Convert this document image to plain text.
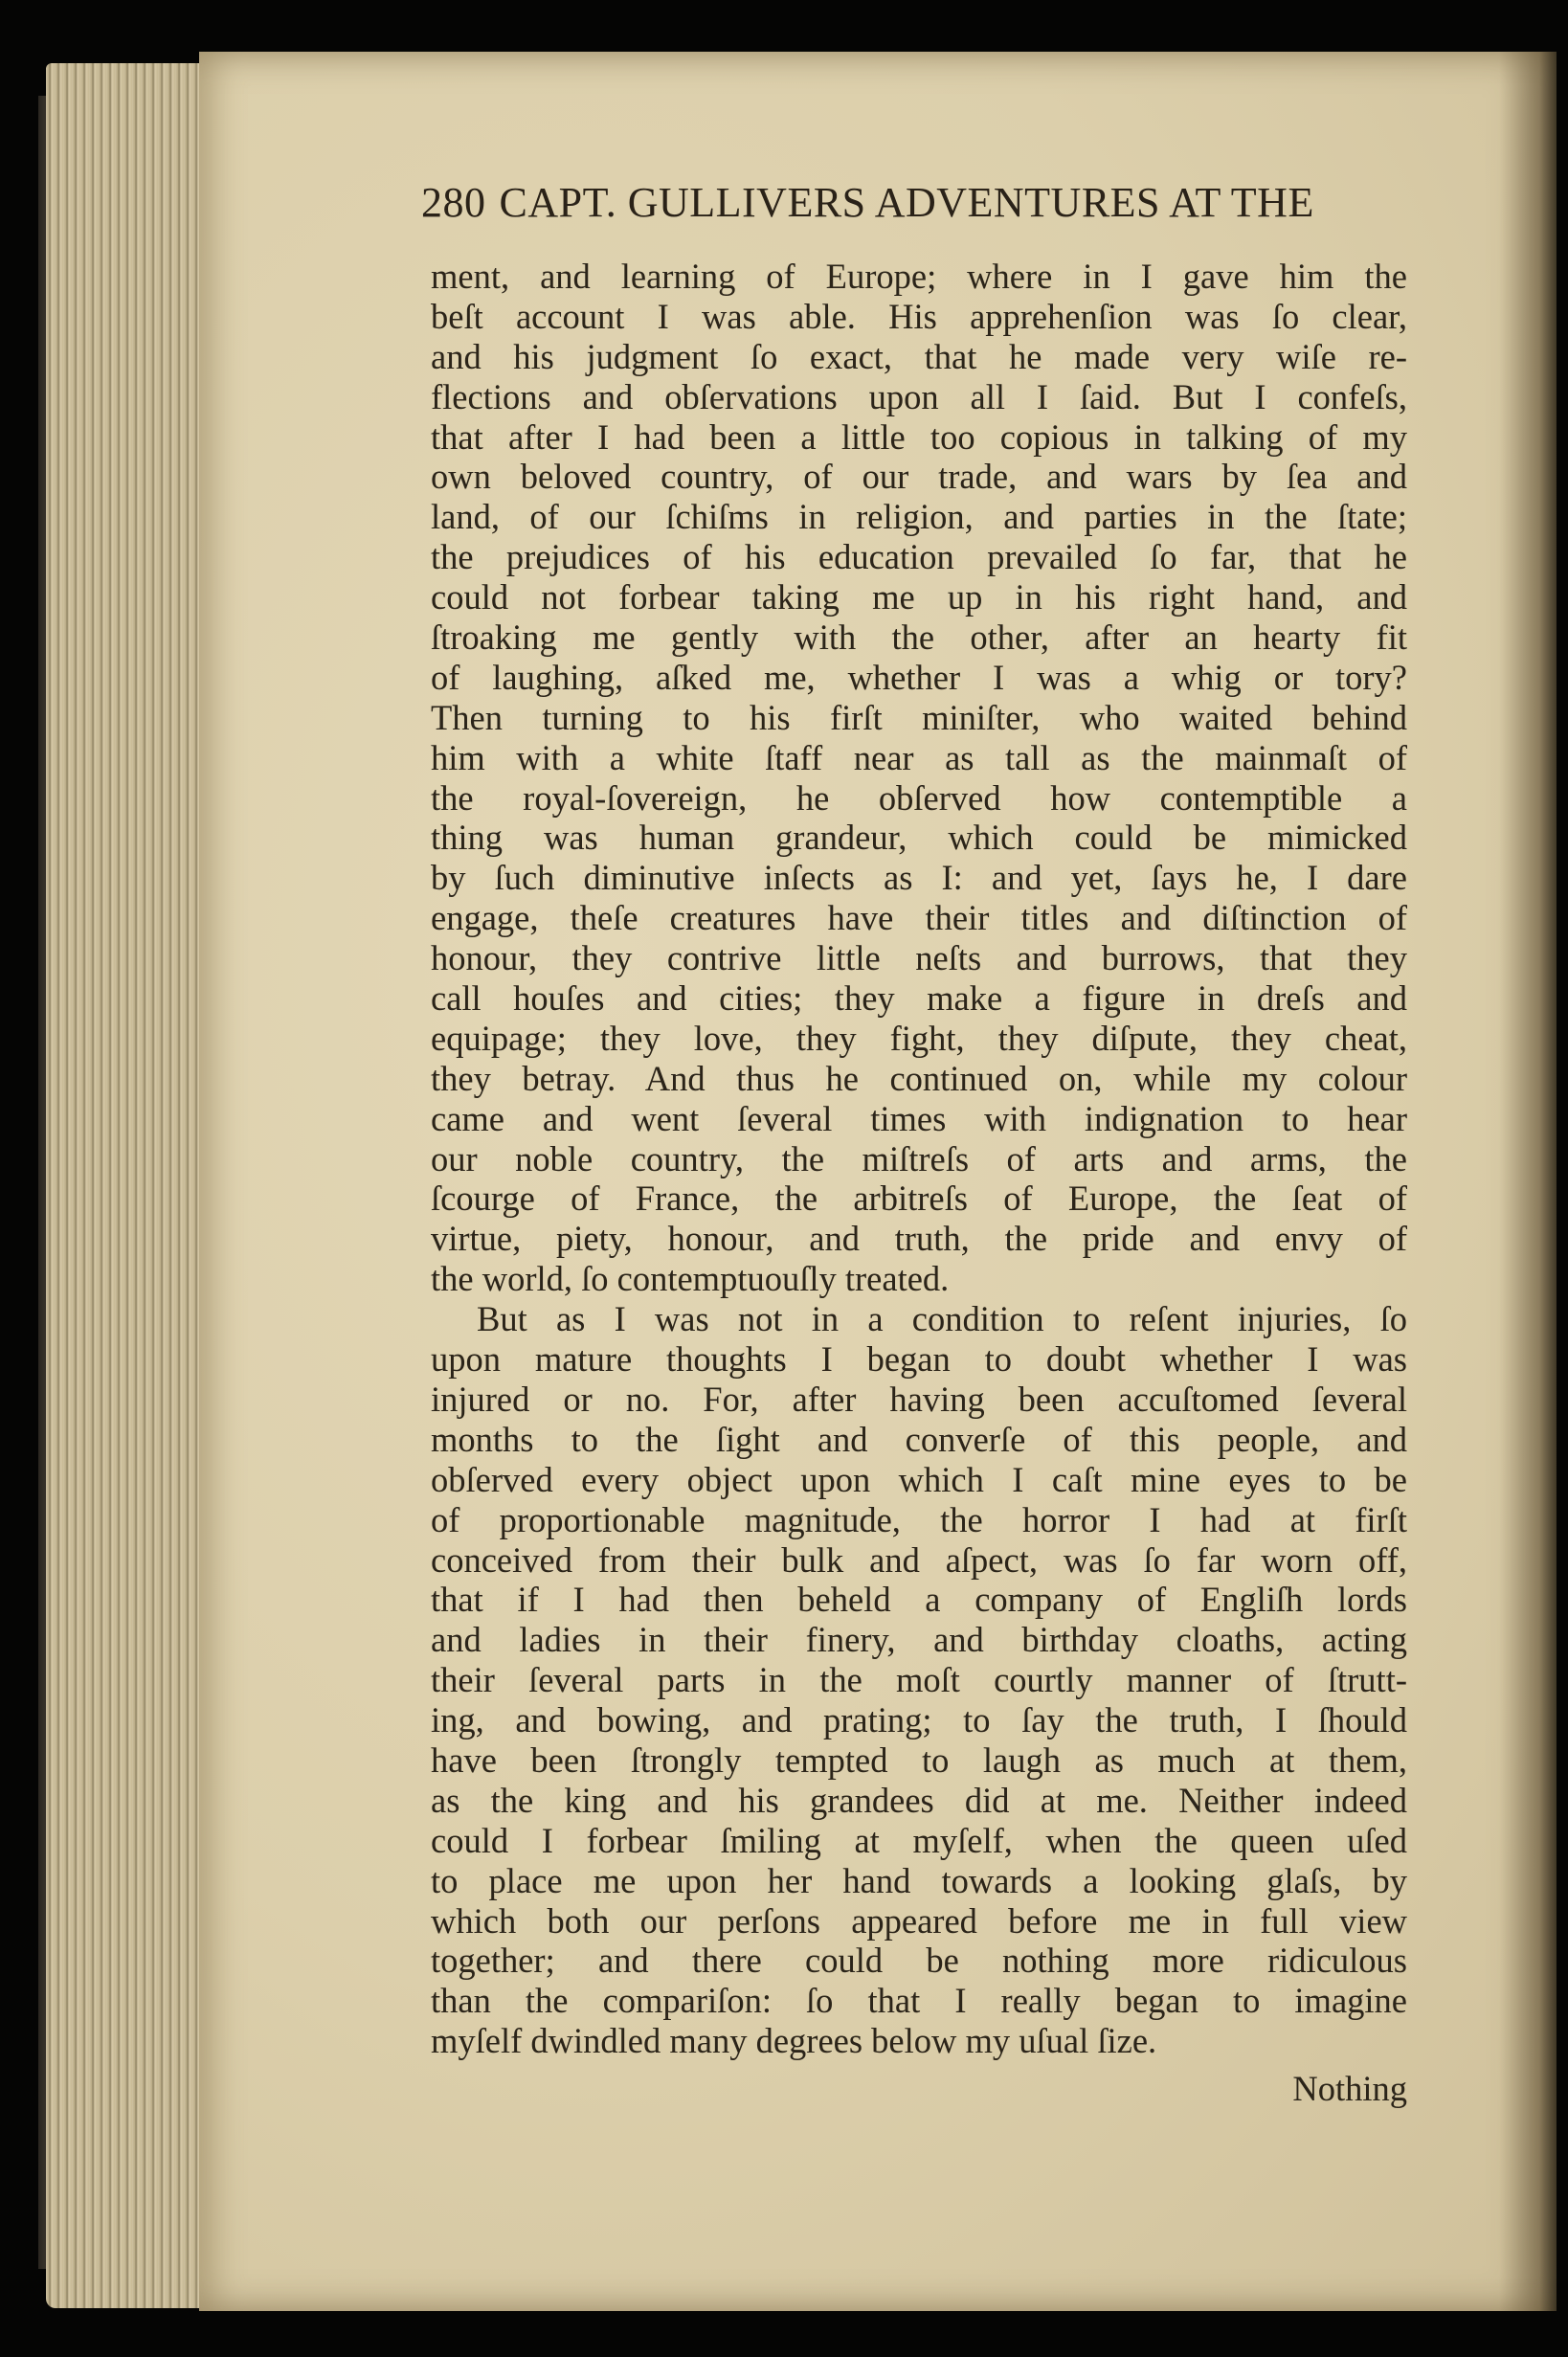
280 CAPT. GULLIVERS ADVENTURES AT THE
ment, and learning of Europe; where in I gave him the
beſt account I was able. His apprehenſion was ſo clear,
and his judgment ſo exact, that he made very wiſe re-
flections and obſervations upon all I ſaid. But I confeſs,
that after I had been a little too copious in talking of my
own beloved country, of our trade, and wars by ſea and
land, of our ſchiſms in religion, and parties in the ſtate;
the prejudices of his education prevailed ſo far, that he
could not forbear taking me up in his right hand, and
ſtroaking me gently with the other, after an hearty fit
of laughing, aſked me, whether I was a whig or tory?
Then turning to his firſt miniſter, who waited behind
him with a white ſtaff near as tall as the mainmaſt of
the royal-ſovereign, he obſerved how contemptible a
thing was human grandeur, which could be mimicked
by ſuch diminutive inſects as I: and yet, ſays he, I dare
engage, theſe creatures have their titles and diſtinction of
honour, they contrive little neſts and burrows, that they
call houſes and cities; they make a figure in dreſs and
equipage; they love, they fight, they diſpute, they cheat,
they betray. And thus he continued on, while my colour
came and went ſeveral times with indignation to hear
our noble country, the miſtreſs of arts and arms, the
ſcourge of France, the arbitreſs of Europe, the ſeat of
virtue, piety, honour, and truth, the pride and envy of
the world, ſo contemptuouſly treated.
But as I was not in a condition to reſent injuries, ſo
upon mature thoughts I began to doubt whether I was
injured or no. For, after having been accuſtomed ſeveral
months to the ſight and converſe of this people, and
obſerved every object upon which I caſt mine eyes to be
of proportionable magnitude, the horror I had at firſt
conceived from their bulk and aſpect, was ſo far worn off,
that if I had then beheld a company of Engliſh lords
and ladies in their finery, and birthday cloaths, acting
their ſeveral parts in the moſt courtly manner of ſtrutt-
ing, and bowing, and prating; to ſay the truth, I ſhould
have been ſtrongly tempted to laugh as much at them,
as the king and his grandees did at me. Neither indeed
could I forbear ſmiling at myſelf, when the queen uſed
to place me upon her hand towards a looking glaſs, by
which both our perſons appeared before me in full view
together; and there could be nothing more ridiculous
than the compariſon: ſo that I really began to imagine
myſelf dwindled many degrees below my uſual ſize.
Nothing
